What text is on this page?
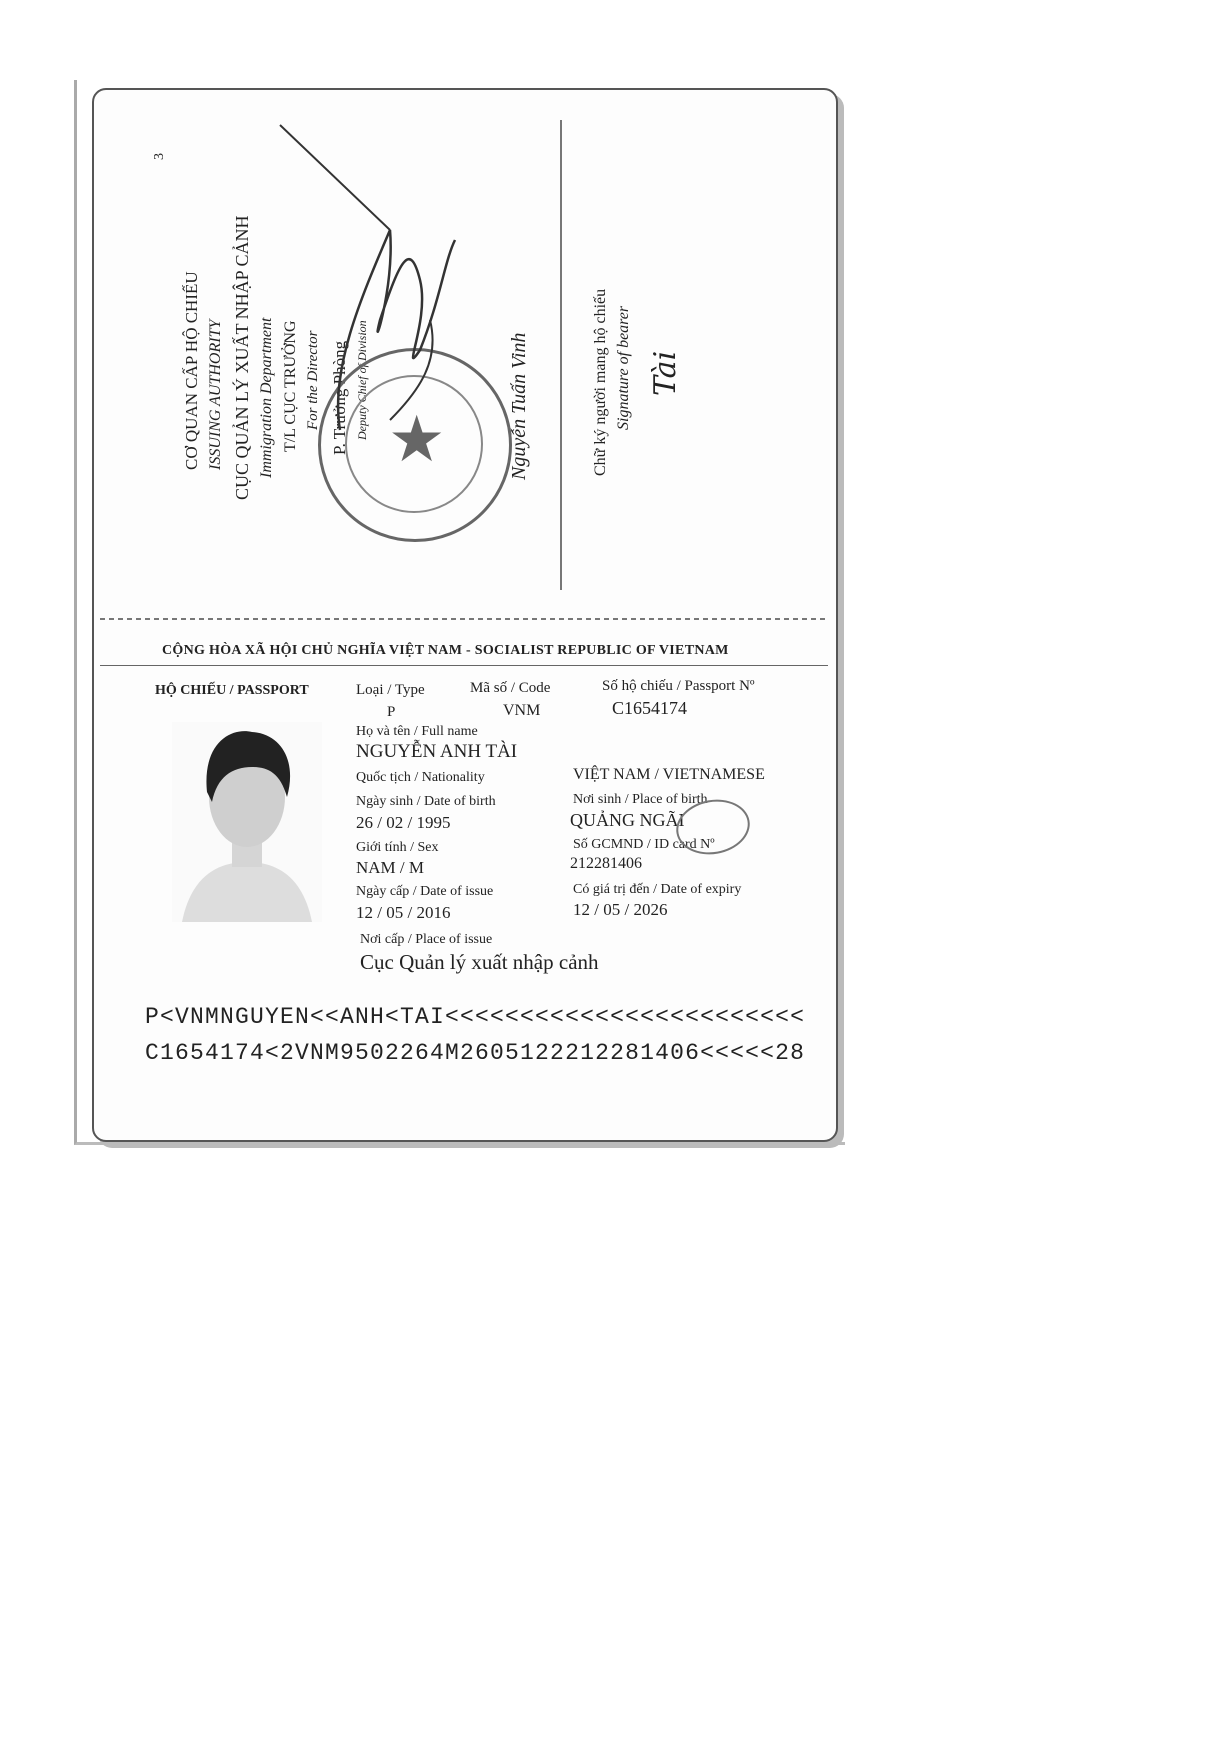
3
CƠ QUAN CẤP HỘ CHIẾU ISSUING AUTHORITY CỤC QUẢN LÝ XUẤT NHẬP CẢNH Immigration Department T/L CỤC TRƯỞNG For the Director P. Trưởng Phòng Deputy Chief of Division	Nguyễn Tuấn Vinh
★	Chữ ký người mang hộ chiếu Signature of bearer Tài
CỘNG HÒA XÃ HỘI CHỦ NGHĨA VIỆT NAM - SOCIALIST REPUBLIC OF VIETNAM
HỘ CHIẾU / PASSPORT	Loại / Type
P
Mã số / Code
VNM
Số hộ chiếu / Passport Nº
C1654174
Họ và tên / Full name
NGUYỄN ANH TÀI
Quốc tịch / Nationality	VIỆT NAM / VIETNAMESE
Ngày sinh / Date of birth
26 / 02 / 1995
Nơi sinh / Place of birth
QUẢNG NGÃI
Giới tính / Sex
NAM / M
Số GCMND / ID card Nº
212281406
Ngày cấp / Date of issue
12 / 05 / 2016
Có giá trị đến / Date of expiry
12 / 05 / 2026
Nơi cấp / Place of issue
Cục Quản lý xuất nhập cảnh
P<VNMNGUYEN<<ANH<TAI<<<<<<<<<<<<<<<<<<<<<<<<
C1654174<2VNM9502264M2605122212281406<<<<<28
